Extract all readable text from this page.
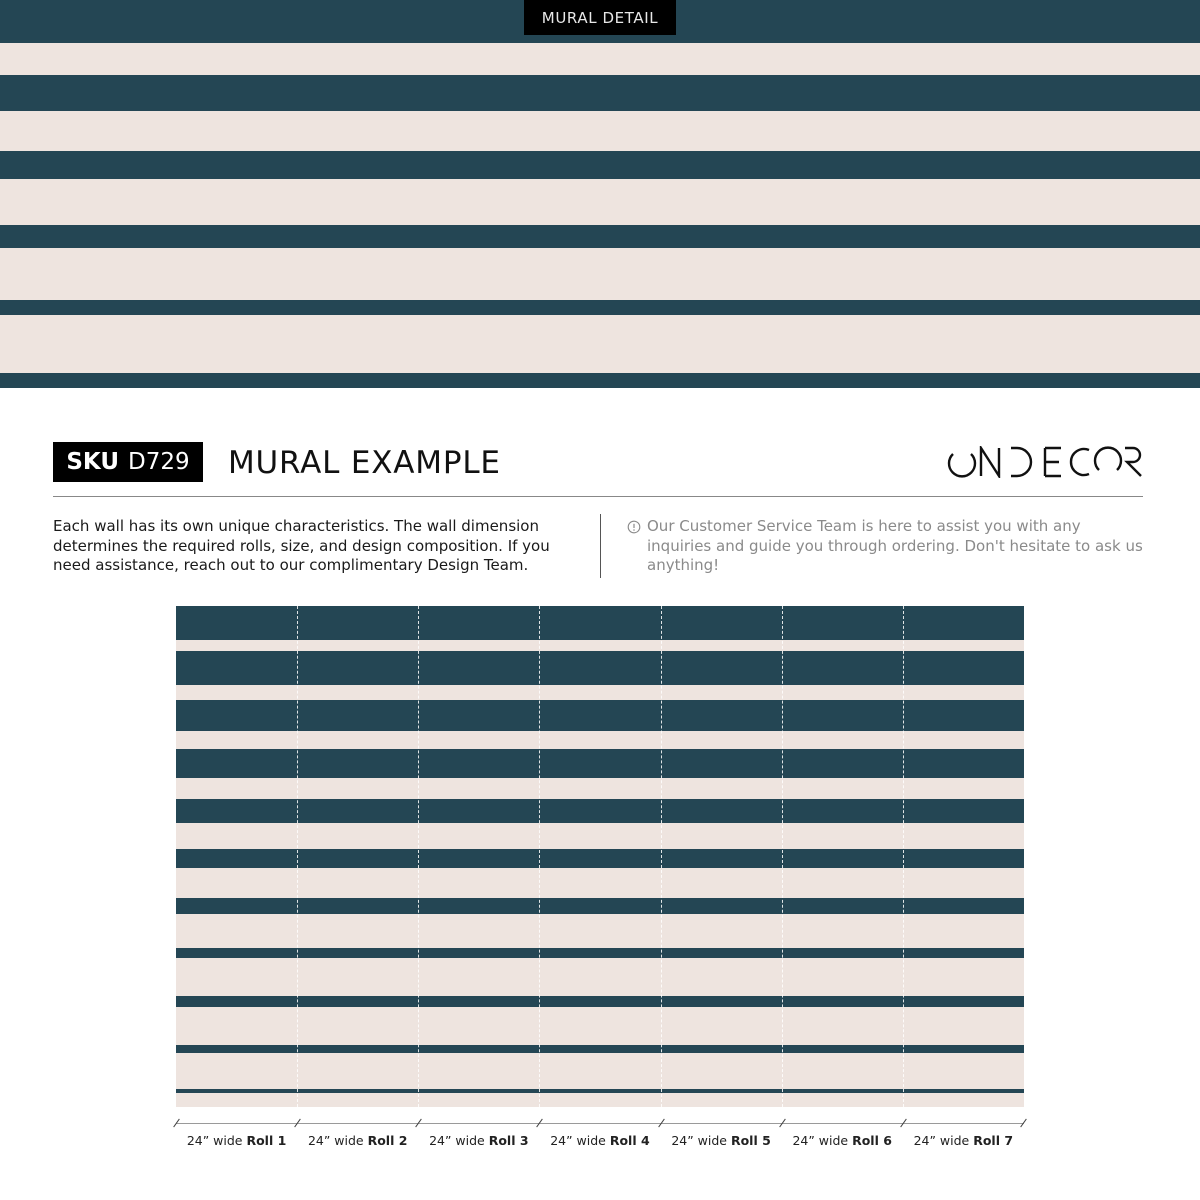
MURAL DETAIL
SKU D729 MURAL EXAMPLE

Each wall has its own unique characteristics. The wall dimension determines the required rolls, size, and design composition. If you need assistance, reach out to our complimentary Design Team.

Our Customer Service Team is here to assist you with any inquiries and guide you through ordering. Don't hesitate to ask us anything!
24” wide Roll 1	24” wide Roll 2	24” wide Roll 3	24” wide Roll 4	24” wide Roll 5	24” wide Roll 6	24” wide Roll 7
